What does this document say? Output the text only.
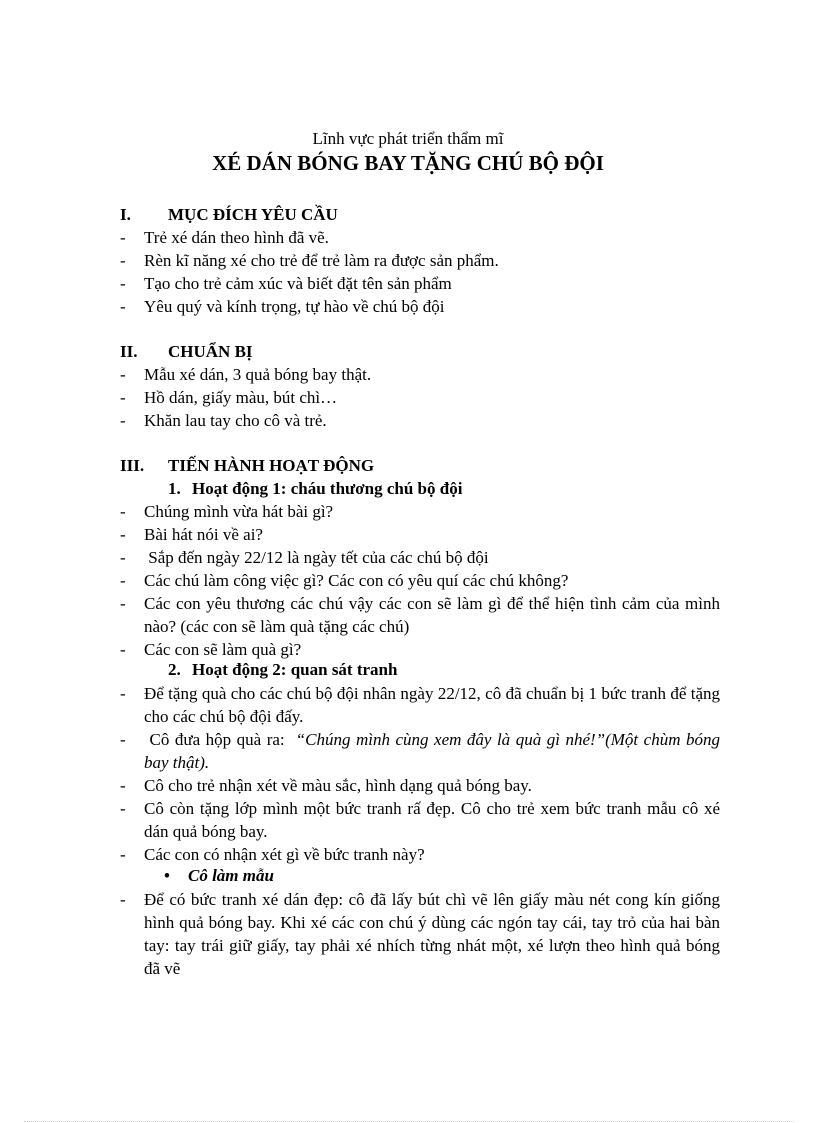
Lĩnh vực phát triển thẩm mĩ
XÉ DÁN BÓNG BAY TẶNG CHÚ BỘ ĐỘI
I. MỤC ĐÍCH YÊU CẦU
- Trẻ xé dán theo hình đã vẽ.
- Rèn kĩ năng xé cho trẻ để trẻ làm ra được sản phẩm.
- Tạo cho trẻ cảm xúc và biết đặt tên sản phẩm
- Yêu quý và kính trọng, tự hào về chú bộ đội
II. CHUẨN BỊ
- Mẫu xé dán, 3 quả bóng bay thật.
- Hồ dán, giấy màu, bút chì…
- Khăn lau tay cho cô và trẻ.
III. TIẾN HÀNH HOẠT ĐỘNG
1. Hoạt động 1: cháu thương chú bộ đội
- Chúng mình vừa hát bài gì?
- Bài hát nói về ai?
- Sắp đến ngày 22/12 là ngày tết của các chú bộ đội
- Các chú làm công việc gì? Các con có yêu quí các chú không?
- Các con yêu thương các chú vậy các con sẽ làm gì để thể hiện tình cảm của mình nào? (các con sẽ làm quà tặng các chú)
- Các con sẽ làm quà gì?
2. Hoạt động 2: quan sát tranh
- Để tặng quà cho các chú bộ đội nhân ngày 22/12, cô đã chuẩn bị 1 bức tranh để tặng cho các chú bộ đội đấy.
- Cô đưa hộp quà ra:  “Chúng mình cùng xem đây là quà gì nhé!”(Một chùm bóng bay thật).
- Cô cho trẻ nhận xét về màu sắc, hình dạng quả bóng bay.
- Cô còn tặng lớp mình một bức tranh rấ đẹp. Cô cho trẻ xem bức tranh mẫu cô xé dán quả bóng bay.
- Các con có nhận xét gì về bức tranh này?
• Cô làm mẫu
- Để có bức tranh xé dán đẹp: cô đã lấy bút chì vẽ lên giấy màu nét cong kín giống hình quả bóng bay. Khi xé các con chú ý dùng các ngón tay cái, tay trỏ của hai bàn tay: tay trái giữ giấy, tay phải xé nhích từng nhát một, xé lượn theo hình quả bóng đã vẽ
